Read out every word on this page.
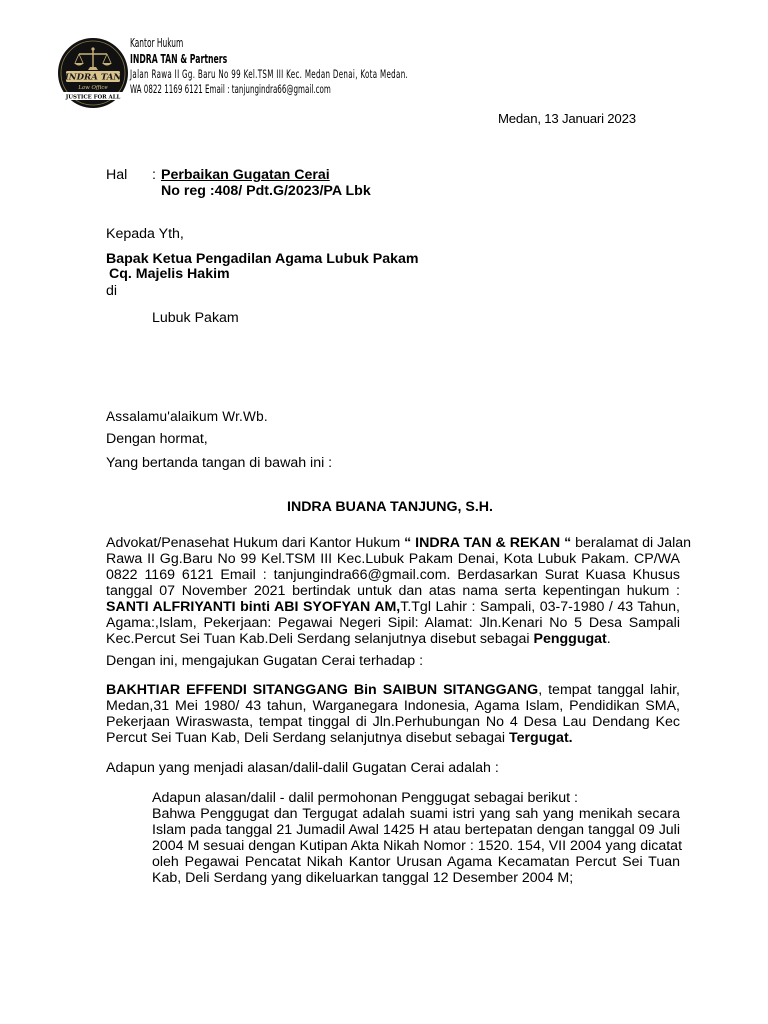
INDRA TAN
Law Office
JUSTICE FOR ALL
Kantor Hukum
INDRA TAN & Partners
Jalan Rawa II Gg. Baru No 99 Kel.TSM III Kec. Medan Denai, Kota Medan.
WA 0822 1169 6121 Email : tanjungindra66@gmail.com
Medan, 13 Januari 2023
Hal : Perbaikan Gugatan Cerai
No reg :408/ Pdt.G/2023/PA Lbk
Kepada Yth,
Bapak Ketua Pengadilan Agama Lubuk Pakam
Cq. Majelis Hakim
di
Lubuk Pakam
Assalamu'alaikum Wr.Wb.
Dengan hormat,
Yang bertanda tangan di bawah ini :
INDRA BUANA TANJUNG, S.H.
Advokat/Penasehat Hukum dari Kantor Hukum “ INDRA TAN & REKAN “ beralamat di Jalan
Rawa II Gg.Baru No 99 Kel.TSM III Kec.Lubuk Pakam Denai, Kota Lubuk Pakam. CP/WA
0822 1169 6121 Email : tanjungindra66@gmail.com. Berdasarkan Surat Kuasa Khusus
tanggal 07 November 2021 bertindak untuk dan atas nama serta kepentingan hukum :
SANTI ALFRIYANTI binti ABI SYOFYAN AM,T.Tgl Lahir : Sampali, 03-7-1980 / 43 Tahun,
Agama:,Islam, Pekerjaan: Pegawai Negeri Sipil: Alamat: Jln.Kenari No 5 Desa Sampali
Kec.Percut Sei Tuan Kab.Deli Serdang selanjutnya disebut sebagai Penggugat.
Dengan ini, mengajukan Gugatan Cerai terhadap :
BAKHTIAR EFFENDI SITANGGANG Bin SAIBUN SITANGGANG, tempat tanggal lahir,
Medan,31 Mei 1980/ 43 tahun, Warganegara Indonesia, Agama Islam, Pendidikan SMA,
Pekerjaan Wiraswasta, tempat tinggal di Jln.Perhubungan No 4 Desa Lau Dendang Kec
Percut Sei Tuan Kab, Deli Serdang selanjutnya disebut sebagai Tergugat.
Adapun yang menjadi alasan/dalil-dalil Gugatan Cerai adalah :
Adapun alasan/dalil - dalil permohonan Penggugat sebagai berikut :
Bahwa Penggugat dan Tergugat adalah suami istri yang sah yang menikah secara
Islam pada tanggal 21 Jumadil Awal 1425 H atau bertepatan dengan tanggal 09 Juli
2004 M sesuai dengan Kutipan Akta Nikah Nomor : 1520. 154, VII 2004 yang dicatat
oleh Pegawai Pencatat Nikah Kantor Urusan Agama Kecamatan Percut Sei Tuan
Kab, Deli Serdang yang dikeluarkan tanggal 12 Desember 2004 M;
